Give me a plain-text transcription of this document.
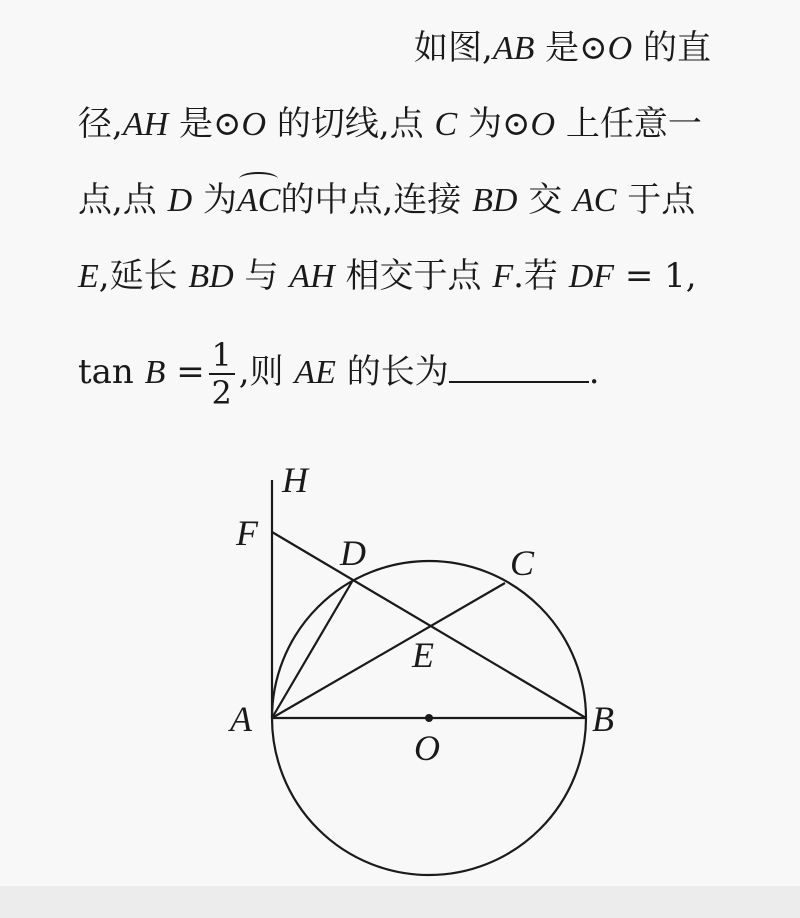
如图,AB 是⊙O 的直
径,AH 是⊙O 的切线,点 C 为⊙O 上任意一
点,点 D 为
AC的中点,连接 BD 交 AC 于点
E,延长 BD 与 AH 相交于点 F.若 DF = 1,
$\tan B = \frac{1}{2}$ ,则 AE 的长为	.
H
F D	C
E
A	B
O
